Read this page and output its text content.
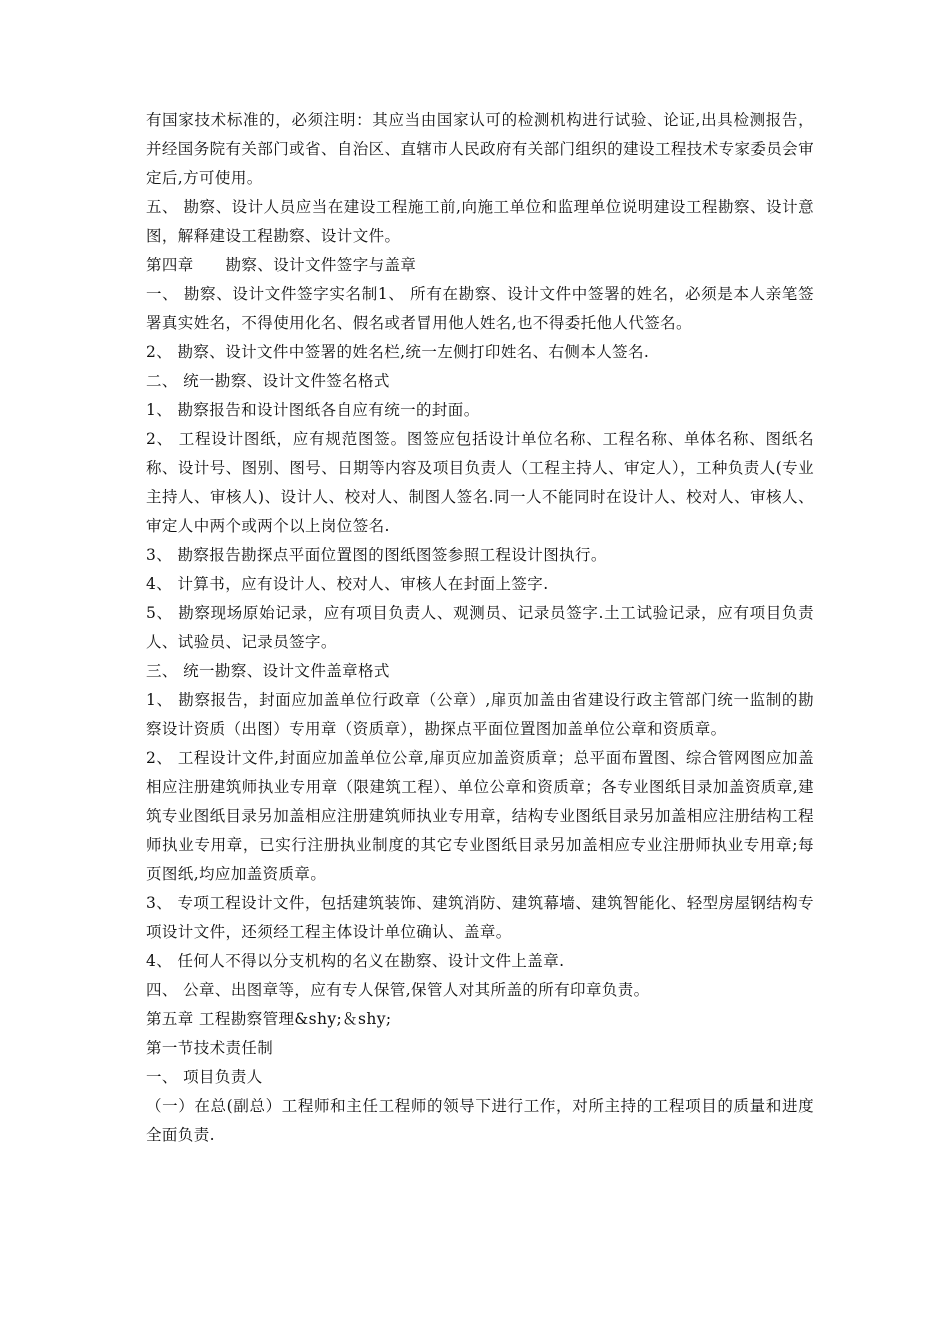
有国家技术标准的，必须注明：其应当由国家认可的检测机构进行试验、论证,出具检测报告，并经国务院有关部门或省、自治区、直辖市人民政府有关部门组织的建设工程技术专家委员会审定后,方可使用。

五、 勘察、设计人员应当在建设工程施工前,向施工单位和监理单位说明建设工程勘察、设计意图，解释建设工程勘察、设计文件。

第四章　　勘察、设计文件签字与盖章

一、 勘察、设计文件签字实名制1、 所有在勘察、设计文件中签署的姓名，必须是本人亲笔签署真实姓名，不得使用化名、假名或者冒用他人姓名,也不得委托他人代签名。

2、 勘察、设计文件中签署的姓名栏,统一左侧打印姓名、右侧本人签名.

二、 统一勘察、设计文件签名格式

1、 勘察报告和设计图纸各自应有统一的封面。

2、 工程设计图纸，应有规范图签。图签应包括设计单位名称、工程名称、单体名称、图纸名称、设计号、图别、图号、日期等内容及项目负责人（工程主持人、审定人），工种负责人(专业主持人、审核人)、设计人、校对人、制图人签名.同一人不能同时在设计人、校对人、审核人、审定人中两个或两个以上岗位签名.

3、 勘察报告勘探点平面位置图的图纸图签参照工程设计图执行。

4、 计算书，应有设计人、校对人、审核人在封面上签字.

5、 勘察现场原始记录，应有项目负责人、观测员、记录员签字.土工试验记录，应有项目负责人、试验员、记录员签字。

三、 统一勘察、设计文件盖章格式

1、 勘察报告，封面应加盖单位行政章（公章）,扉页加盖由省建设行政主管部门统一监制的勘察设计资质（出图）专用章（资质章），勘探点平面位置图加盖单位公章和资质章。

2、 工程设计文件,封面应加盖单位公章,扉页应加盖资质章；总平面布置图、综合管网图应加盖相应注册建筑师执业专用章（限建筑工程）、单位公章和资质章；各专业图纸目录加盖资质章,建筑专业图纸目录另加盖相应注册建筑师执业专用章，结构专业图纸目录另加盖相应注册结构工程师执业专用章，已实行注册执业制度的其它专业图纸目录另加盖相应专业注册师执业专用章;每页图纸,均应加盖资质章。

3、 专项工程设计文件，包括建筑装饰、建筑消防、建筑幕墙、建筑智能化、轻型房屋钢结构专项设计文件，还须经工程主体设计单位确认、盖章。

4、 任何人不得以分支机构的名义在勘察、设计文件上盖章.

四、 公章、出图章等，应有专人保管,保管人对其所盖的所有印章负责。

第五章 工程勘察管理&shy;＆shy;

第一节技术责任制

一、 项目负责人

（一）在总(副总）工程师和主任工程师的领导下进行工作，对所主持的工程项目的质量和进度全面负责.
